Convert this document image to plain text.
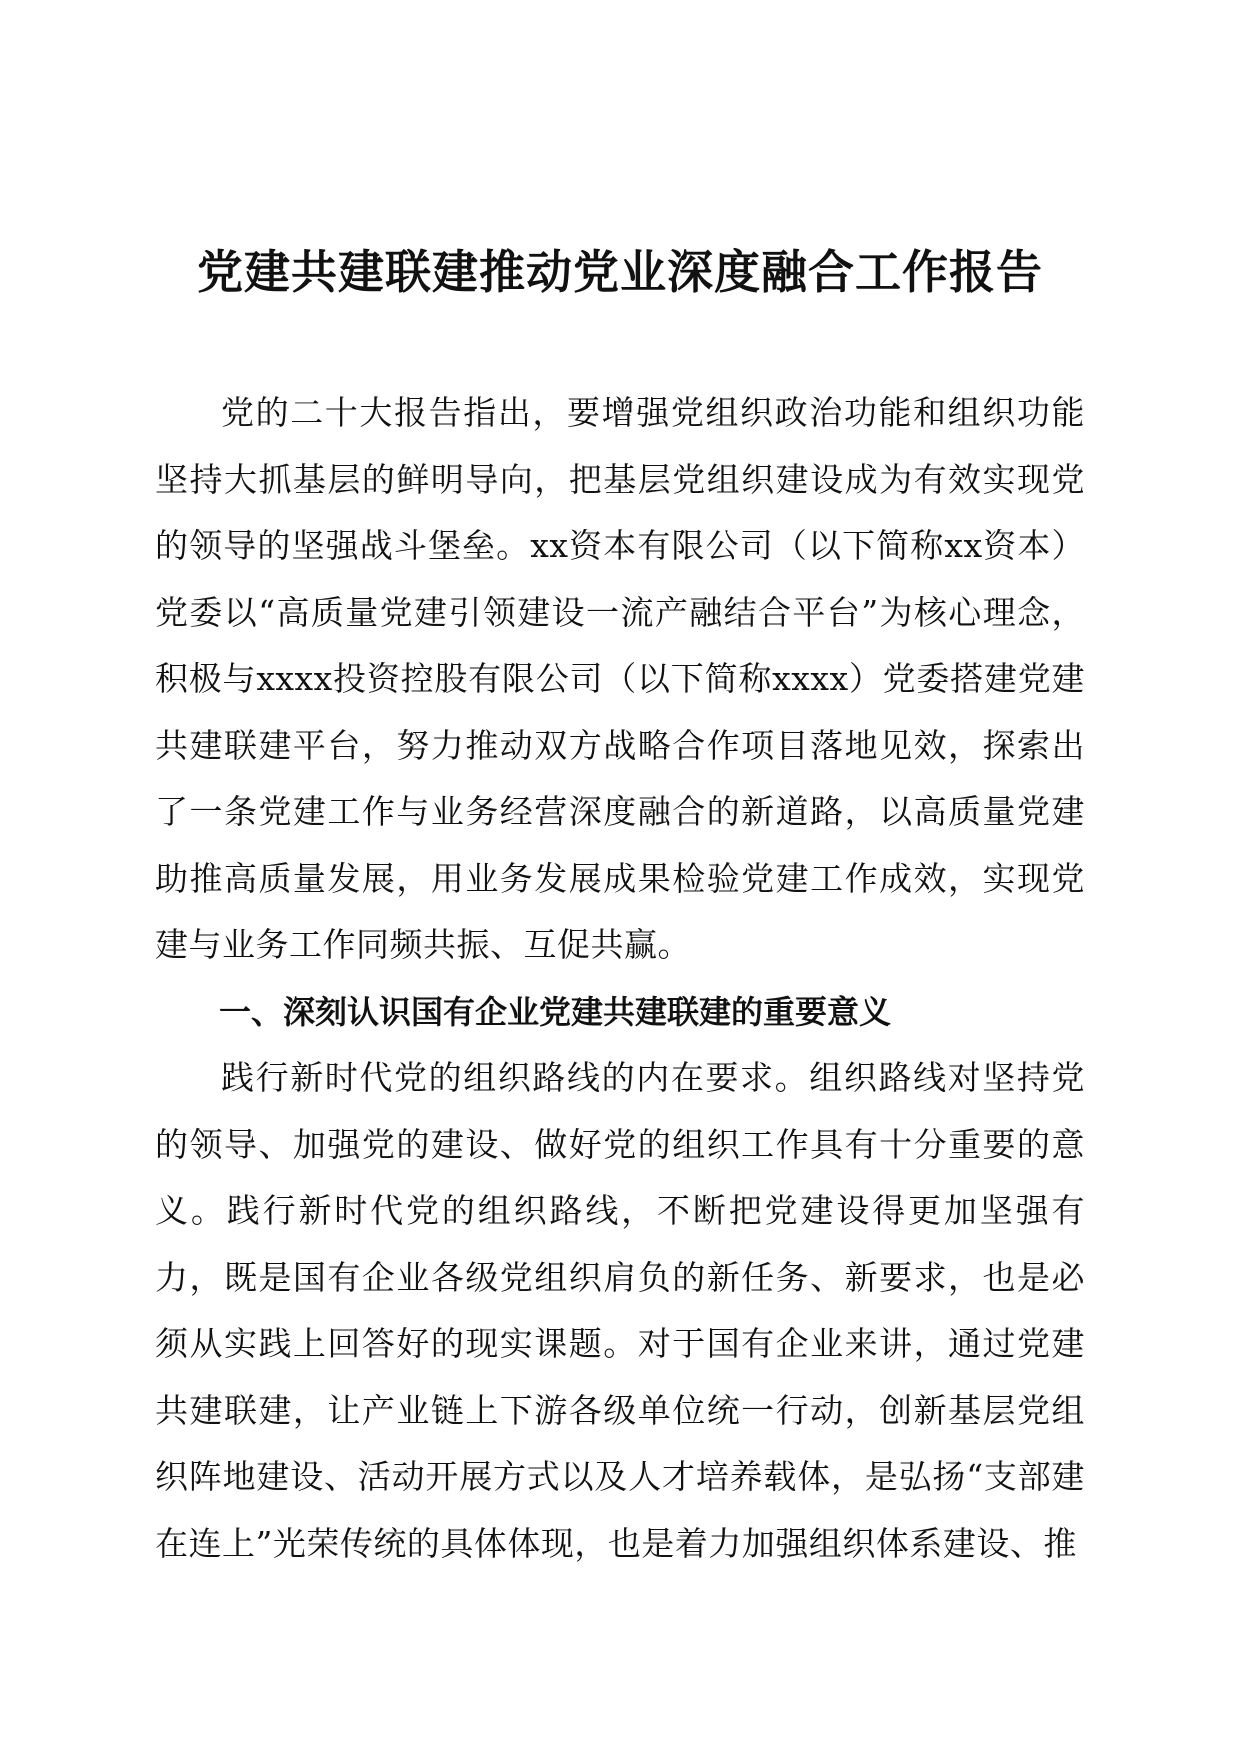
党建共建联建推动党业深度融合工作报告

党的二十大报告指出，要增强党组织政治功能和组织功能坚持大抓基层的鲜明导向，把基层党组织建设成为有效实现党的领导的坚强战斗堡垒。xx资本有限公司（以下简称xx资本）党委以“高质量党建引领建设一流产融结合平台”为核心理念，积极与xxxx投资控股有限公司（以下简称xxxx）党委搭建党建共建联建平台，努力推动双方战略合作项目落地见效，探索出了一条党建工作与业务经营深度融合的新道路，以高质量党建助推高质量发展，用业务发展成果检验党建工作成效，实现党建与业务工作同频共振、互促共赢。

一、深刻认识国有企业党建共建联建的重要意义

践行新时代党的组织路线的内在要求。组织路线对坚持党的领导、加强党的建设、做好党的组织工作具有十分重要的意义。践行新时代党的组织路线，不断把党建设得更加坚强有力，既是国有企业各级党组织肩负的新任务、新要求，也是必须从实践上回答好的现实课题。对于国有企业来讲，通过党建共建联建，让产业链上下游各级单位统一行动，创新基层党组织阵地建设、活动开展方式以及人才培养载体，是弘扬“支部建在连上”光荣传统的具体体现，也是着力加强组织体系建设、推
